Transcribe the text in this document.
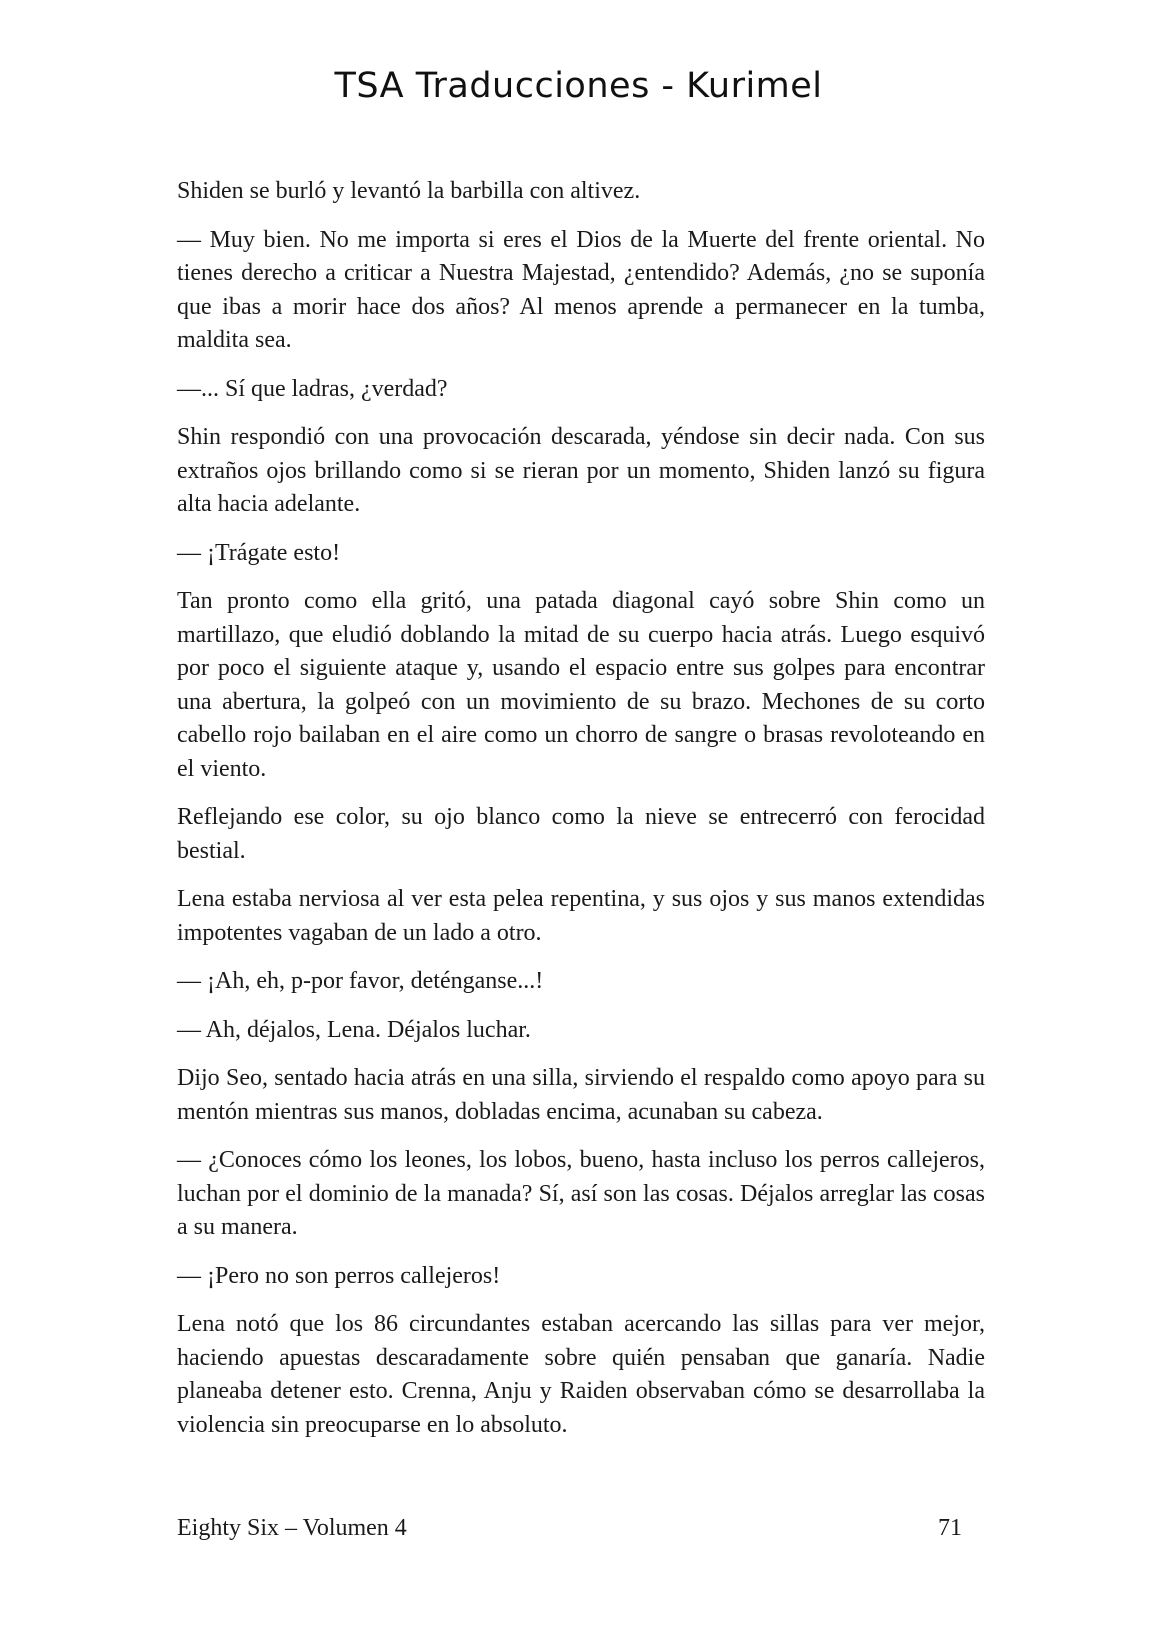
TSA Traducciones - Kurimel

Shiden se burló y levantó la barbilla con altivez.

— Muy bien. No me importa si eres el Dios de la Muerte del frente oriental. No tienes derecho a criticar a Nuestra Majestad, ¿entendido? Además, ¿no se suponía que ibas a morir hace dos años? Al menos aprende a permanecer en la tumba, maldita sea.

—... Sí que ladras, ¿verdad?

Shin respondió con una provocación descarada, yéndose sin decir nada. Con sus extraños ojos brillando como si se rieran por un momento, Shiden lanzó su figura alta hacia adelante.

— ¡Trágate esto!

Tan pronto como ella gritó, una patada diagonal cayó sobre Shin como un martillazo, que eludió doblando la mitad de su cuerpo hacia atrás. Luego esquivó por poco el siguiente ataque y, usando el espacio entre sus golpes para encontrar una abertura, la golpeó con un movimiento de su brazo. Mechones de su corto cabello rojo bailaban en el aire como un chorro de sangre o brasas revoloteando en el viento.

Reflejando ese color, su ojo blanco como la nieve se entrecerró con ferocidad bestial.

Lena estaba nerviosa al ver esta pelea repentina, y sus ojos y sus manos extendidas impotentes vagaban de un lado a otro.

— ¡Ah, eh, p-por favor, deténganse...!

— Ah, déjalos, Lena. Déjalos luchar.

Dijo Seo, sentado hacia atrás en una silla, sirviendo el respaldo como apoyo para su mentón mientras sus manos, dobladas encima, acunaban su cabeza.

— ¿Conoces cómo los leones, los lobos, bueno, hasta incluso los perros callejeros, luchan por el dominio de la manada? Sí, así son las cosas. Déjalos arreglar las cosas a su manera.

— ¡Pero no son perros callejeros!

Lena notó que los 86 circundantes estaban acercando las sillas para ver mejor, haciendo apuestas descaradamente sobre quién pensaban que ganaría. Nadie planeaba detener esto. Crenna, Anju y Raiden observaban cómo se desarrollaba la violencia sin preocuparse en lo absoluto.

Eighty Six – Volumen 4	71
